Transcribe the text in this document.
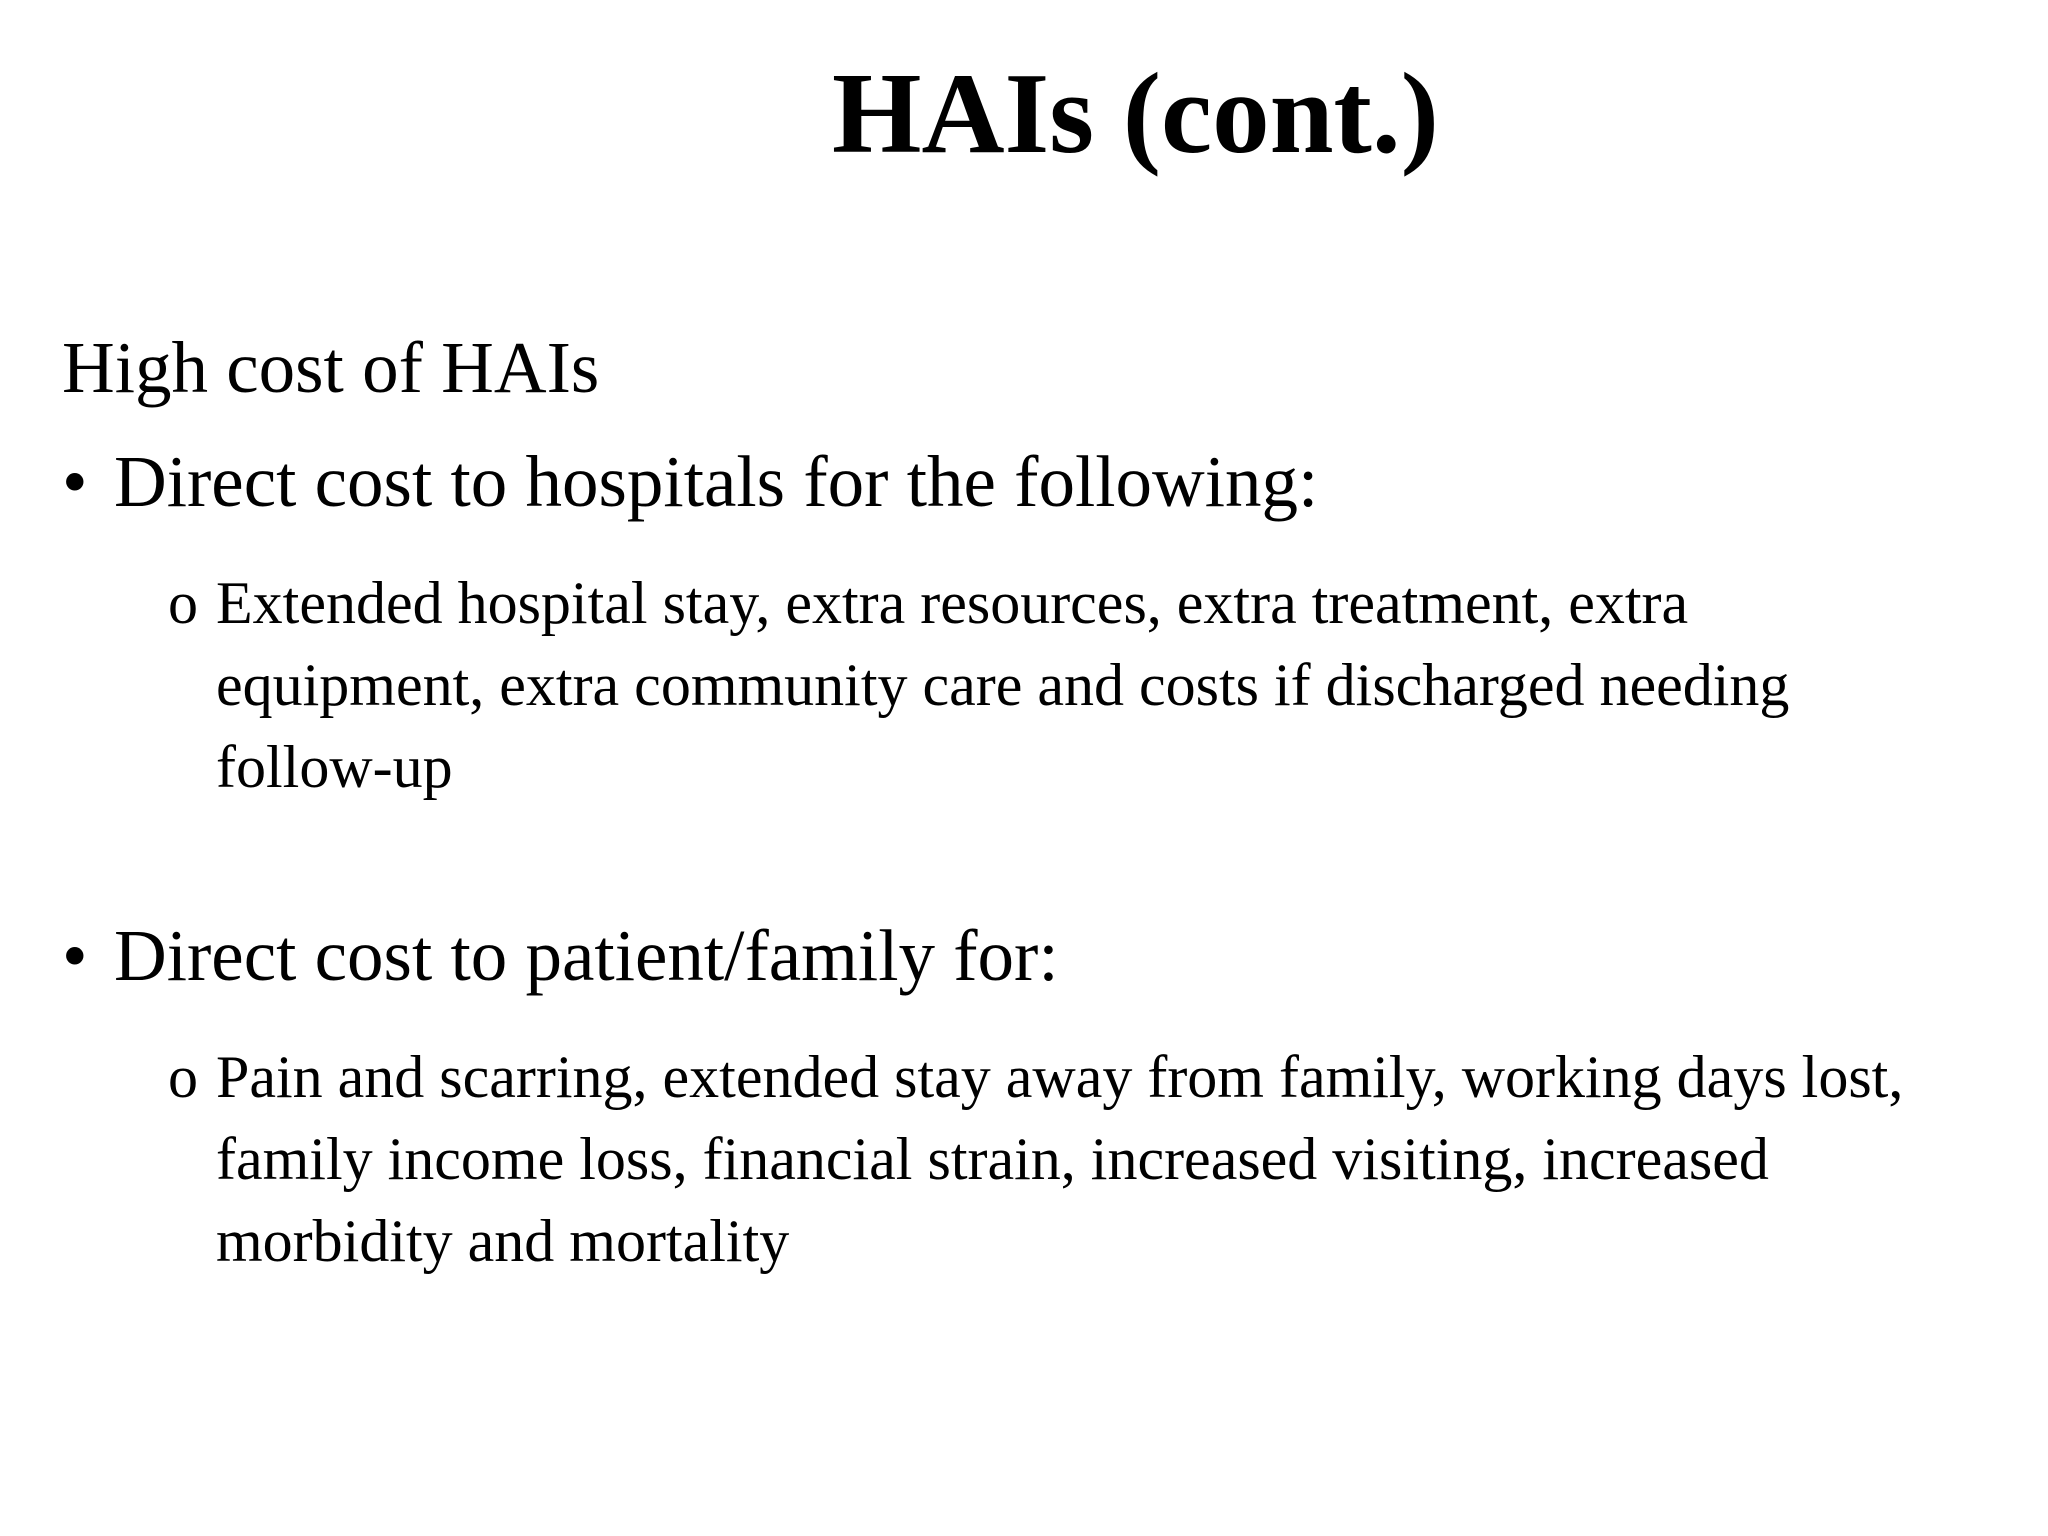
HAIs (cont.)
High cost of HAIs
• Direct cost to hospitals for the following:
o Extended hospital stay, extra resources, extra treatment, extra equipment, extra community care and costs if discharged needing follow-up
• Direct cost to patient/family for:
o Pain and scarring, extended stay away from family, working days lost, family income loss, financial strain, increased visiting, increased morbidity and mortality
